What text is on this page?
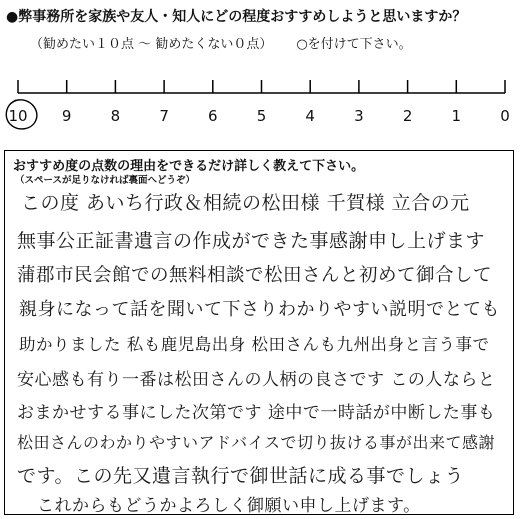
●弊事務所を家族や友人・知人にどの程度おすすめしようと思いますか？
（勧めたい１０点 ～ 勧めたくない０点） ○を付けて下さい。
10 9	8	7	6	5	4	3	2	1	0
おすすめ度の点数の理由をできるだけ詳しく教えて下さい。
（スペースが足りなければ裏面へどうぞ）
この度 あいち行政＆相続の松田様 千賀様 立合の元
無事公正証書遺言の作成ができた事感謝申し上げます
蒲郡市民会館での無料相談で松田さんと初めて御合して
親身になって話を聞いて下さりわかりやすい説明でとても
助かりました 私も鹿児島出身 松田さんも九州出身と言う事で
安心感も有り一番は松田さんの人柄の良さです この人ならと
おまかせする事にした次第です 途中で一時話が中断した事も
松田さんのわかりやすいアドバイスで切り抜ける事が出来て感謝
です。この先又遺言執行で御世話に成る事でしょう
これからもどうかよろしく御願い申し上げます。
